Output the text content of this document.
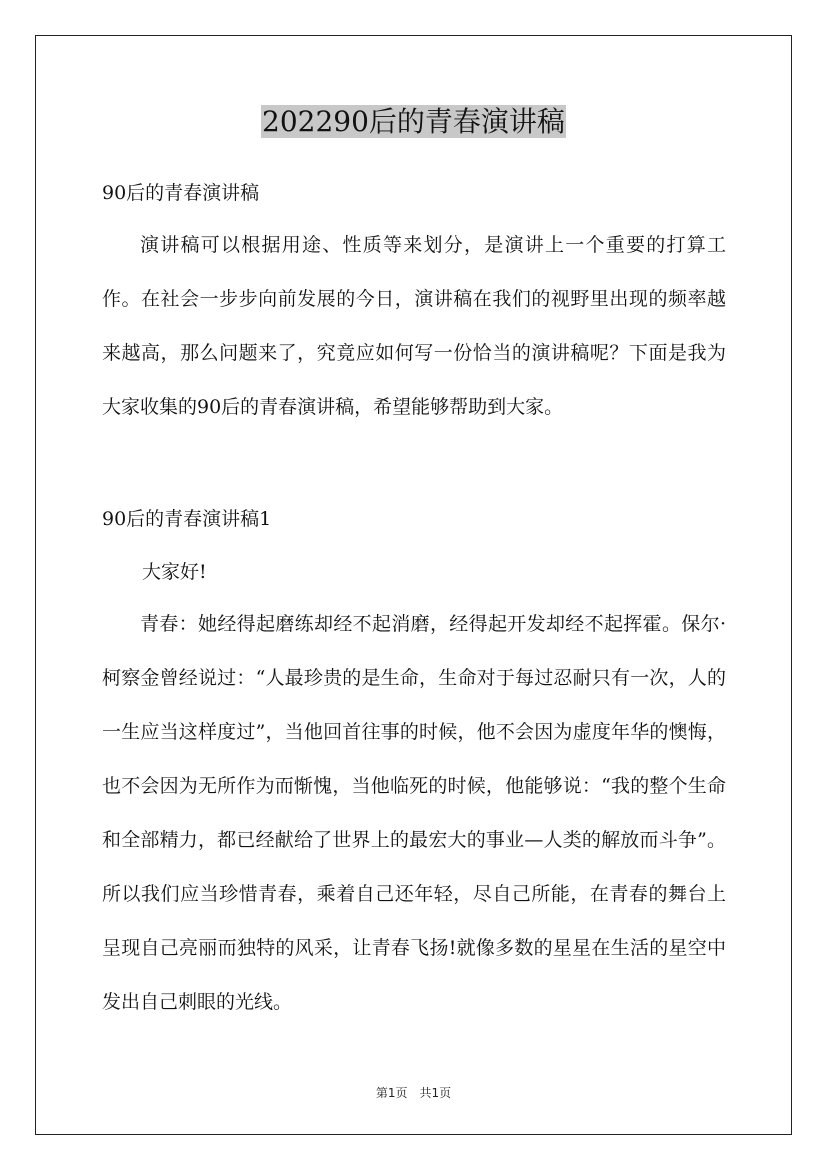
202290后的青春演讲稿
90后的青春演讲稿

演讲稿可以根据用途、性质等来划分，是演讲上一个重要的打算工作。在社会一步步向前发展的今日，演讲稿在我们的视野里出现的频率越来越高，那么问题来了，究竟应如何写一份恰当的演讲稿呢？下面是我为大家收集的90后的青春演讲稿，希望能够帮助到大家。

90后的青春演讲稿1
大家好!

青春：她经得起磨练却经不起消磨，经得起开发却经不起挥霍。保尔·柯察金曾经说过：“人最珍贵的是生命，生命对于每过忍耐只有一次，人的一生应当这样度过”，当他回首往事的时候，他不会因为虚度年华的懊悔，也不会因为无所作为而惭愧，当他临死的时候，他能够说：“我的整个生命和全部精力，都已经献给了世界上的最宏大的事业—人类的解放而斗争”。所以我们应当珍惜青春，乘着自己还年轻，尽自己所能，在青春的舞台上呈现自己亮丽而独特的风采，让青春飞扬!就像多数的星星在生活的星空中发出自己刺眼的光线。

第1页　共1页
